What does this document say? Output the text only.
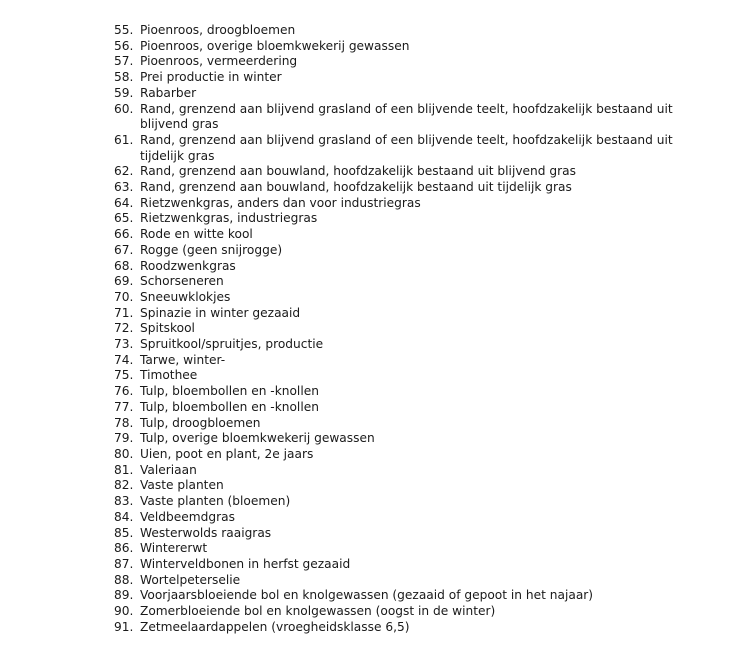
55. Pioenroos, droogbloemen
56. Pioenroos, overige bloemkwekerij gewassen
57. Pioenroos, vermeerdering
58. Prei productie in winter
59. Rabarber
60. Rand, grenzend aan blijvend grasland of een blijvende teelt, hoofdzakelijk bestaand uit
blijvend gras
61. Rand, grenzend aan blijvend grasland of een blijvende teelt, hoofdzakelijk bestaand uit
tijdelijk gras
62. Rand, grenzend aan bouwland, hoofdzakelijk bestaand uit blijvend gras
63. Rand, grenzend aan bouwland, hoofdzakelijk bestaand uit tijdelijk gras
64. Rietzwenkgras, anders dan voor industriegras
65. Rietzwenkgras, industriegras
66. Rode en witte kool
67. Rogge (geen snijrogge)
68. Roodzwenkgras
69. Schorseneren
70. Sneeuwklokjes
71. Spinazie in winter gezaaid
72. Spitskool
73. Spruitkool/spruitjes, productie
74. Tarwe, winter-
75. Timothee
76. Tulp, bloembollen en -knollen
77. Tulp, bloembollen en -knollen
78. Tulp, droogbloemen
79. Tulp, overige bloemkwekerij gewassen
80. Uien, poot en plant, 2e jaars
81. Valeriaan
82. Vaste planten
83. Vaste planten (bloemen)
84. Veldbeemdgras
85. Westerwolds raaigras
86. Wintererwt
87. Winterveldbonen in herfst gezaaid
88. Wortelpeterselie
89. Voorjaarsbloeiende bol en knolgewassen (gezaaid of gepoot in het najaar)
90. Zomerbloeiende bol en knolgewassen (oogst in de winter)
91. Zetmeelaardappelen (vroegheidsklasse 6,5)
